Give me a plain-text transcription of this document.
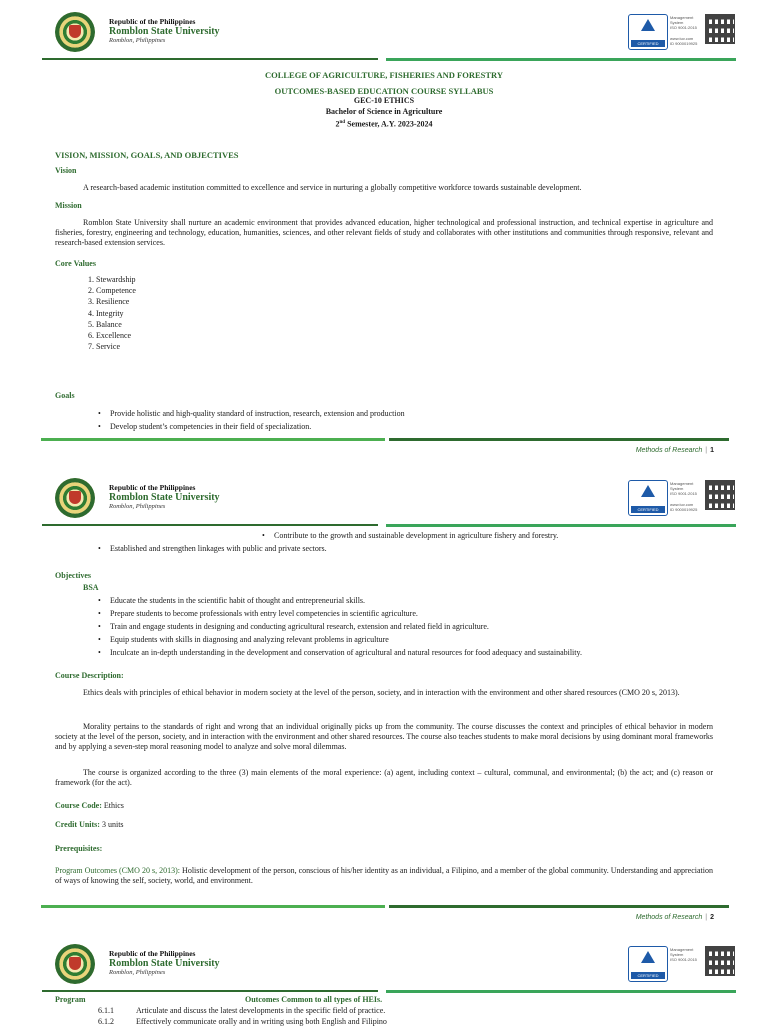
Republic of the Philippines
Romblon State University
Romblon, Philippines	CERTIFIED
Management
System
ISO 9001:2015
www.tuv.com
ID 9000019925
COLLEGE OF AGRICULTURE, FISHERIES AND FORESTRY
OUTCOMES-BASED EDUCATION COURSE SYLLABUS
GEC-10 ETHICS
Bachelor of Science in Agriculture
2nd Semester, A.Y. 2023-2024
VISION, MISSION, GOALS, AND OBJECTIVES
Vision
A research-based academic institution committed to excellence and service in nurturing a globally competitive workforce towards sustainable development.
Mission
Romblon State University shall nurture an academic environment that provides advanced education, higher technological and professional instruction, and technical expertise in agriculture and fisheries, forestry, engineering and technology, education, humanities, sciences, and other relevant fields of study and collaborates with other institutions and communities through responsive, relevant and research-based extension services.
Core Values
1. Stewardship
2. Competence
3. Resilience
4. Integrity
5. Balance
6. Excellence
7. Service
Goals
• Provide holistic and high-quality standard of instruction, research, extension and production
• Develop student’s competencies in their field of specialization.
Methods of Research | 1
Republic of the Philippines
Romblon State University
Romblon, Philippines	CERTIFIED
Management
System
ISO 9001:2015
www.tuv.com
ID 9000019925
• Contribute to the growth and sustainable development in agriculture fishery and forestry.
• Established and strengthen linkages with public and private sectors.
Objectives
BSA
• Educate the students in the scientific habit of thought and entrepreneurial skills.
• Prepare students to become professionals with entry level competencies in scientific agriculture.
• Train and engage students in designing and conducting agricultural research, extension and related field in agriculture.
• Equip students with skills in diagnosing and analyzing relevant problems in agriculture
• Inculcate an in-depth understanding in the development and conservation of agricultural and natural resources for food adequacy and sustainability.
Course Description:
Ethics deals with principles of ethical behavior in modern society at the level of the person, society, and in interaction with the environment and other shared resources (CMO 20 s, 2013).
Morality pertains to the standards of right and wrong that an individual originally picks up from the community. The course discusses the context and principles of ethical behavior in modern society at the level of the person, society, and in interaction with the environment and other shared resources. The course also teaches students to make moral decisions by using dominant moral frameworks and by applying a seven-step moral reasoning model to analyze and solve moral dilemmas.
The course is organized according to the three (3) main elements of the moral experience: (a) agent, including context – cultural, communal, and environmental; (b) the act; and (c) reason or framework (for the act).
Course Code: Ethics
Credit Units: 3 units
Prerequisites:
Program Outcomes (CMO 20 s, 2013): Holistic development of the person, conscious of his/her identity as an individual, a Filipino, and a member of the global community. Understanding and appreciation of ways of knowing the self, society, world, and environment.
Methods of Research | 2
Republic of the Philippines
Romblon State University
Romblon, Philippines	CERTIFIED
Management
System
ISO 9001:2015
Program	Outcomes Common to all types of HEIs.
6.1.1	Articulate and discuss the latest developments in the specific field of practice.
6.1.2	Effectively communicate orally and in writing using both English and Filipino
